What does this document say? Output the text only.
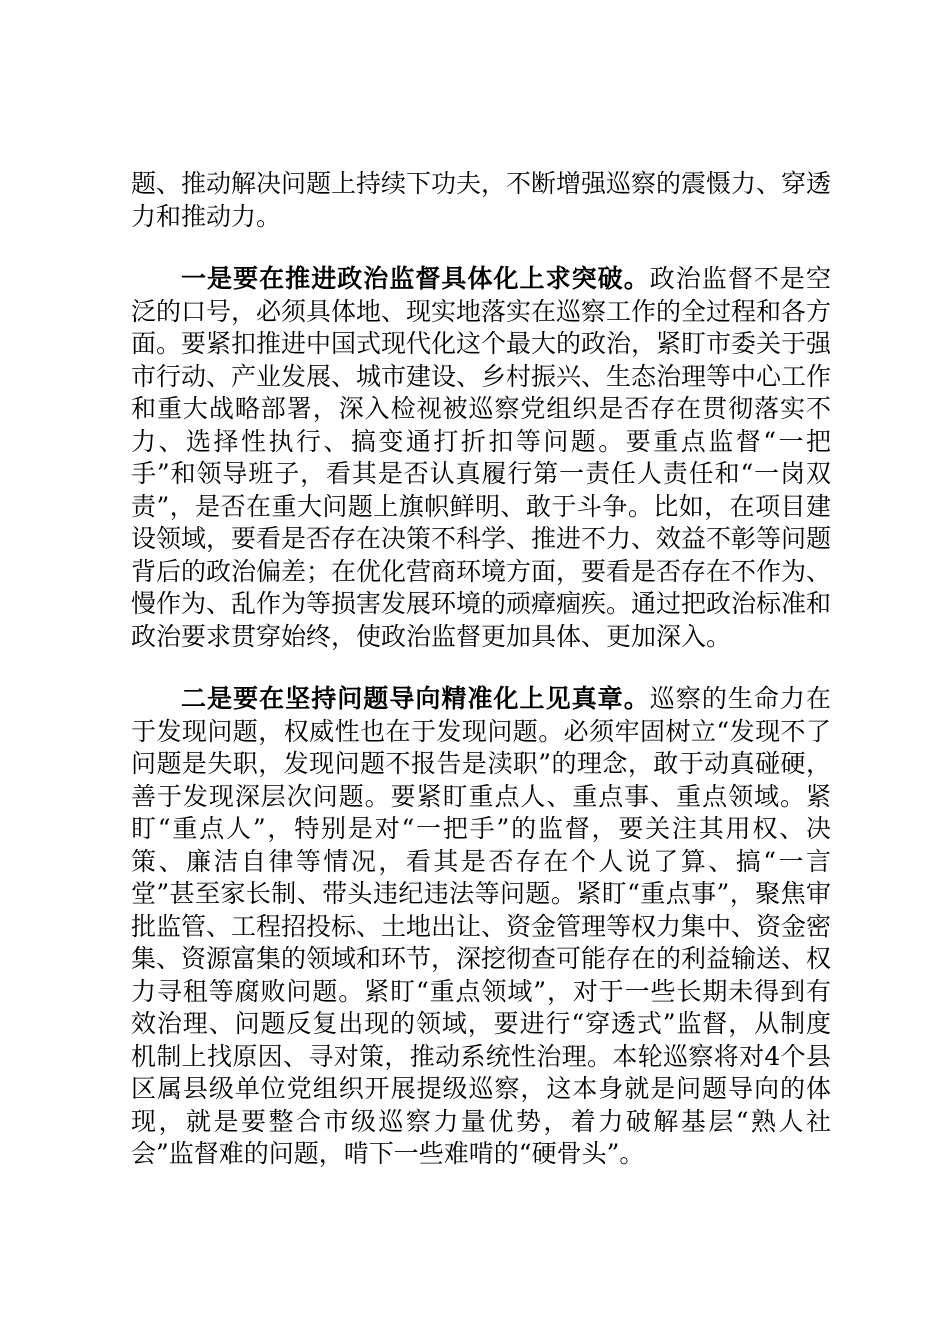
题、推动解决问题上持续下功夫，不断增强巡察的震慑力、穿透力和推动力。

一是要在推进政治监督具体化上求突破。政治监督不是空泛的口号，必须具体地、现实地落实在巡察工作的全过程和各方面。要紧扣推进中国式现代化这个最大的政治，紧盯市委关于强市行动、产业发展、城市建设、乡村振兴、生态治理等中心工作和重大战略部署，深入检视被巡察党组织是否存在贯彻落实不力、选择性执行、搞变通打折扣等问题。要重点监督“一把手”和领导班子，看其是否认真履行第一责任人责任和“一岗双责”，是否在重大问题上旗帜鲜明、敢于斗争。比如，在项目建设领域，要看是否存在决策不科学、推进不力、效益不彰等问题背后的政治偏差；在优化营商环境方面，要看是否存在不作为、慢作为、乱作为等损害发展环境的顽瘴痼疾。通过把政治标准和政治要求贯穿始终，使政治监督更加具体、更加深入。

二是要在坚持问题导向精准化上见真章。巡察的生命力在于发现问题，权威性也在于发现问题。必须牢固树立“发现不了问题是失职，发现问题不报告是渎职”的理念，敢于动真碰硬，善于发现深层次问题。要紧盯重点人、重点事、重点领域。紧盯“重点人”，特别是对“一把手”的监督，要关注其用权、决策、廉洁自律等情况，看其是否存在个人说了算、搞“一言堂”甚至家长制、带头违纪违法等问题。紧盯“重点事”，聚焦审批监管、工程招投标、土地出让、资金管理等权力集中、资金密集、资源富集的领域和环节，深挖彻查可能存在的利益输送、权力寻租等腐败问题。紧盯“重点领域”，对于一些长期未得到有效治理、问题反复出现的领域，要进行“穿透式”监督，从制度机制上找原因、寻对策，推动系统性治理。本轮巡察将对4个县区属县级单位党组织开展提级巡察，这本身就是问题导向的体现，就是要整合市级巡察力量优势，着力破解基层“熟人社会”监督难的问题，啃下一些难啃的“硬骨头”。
